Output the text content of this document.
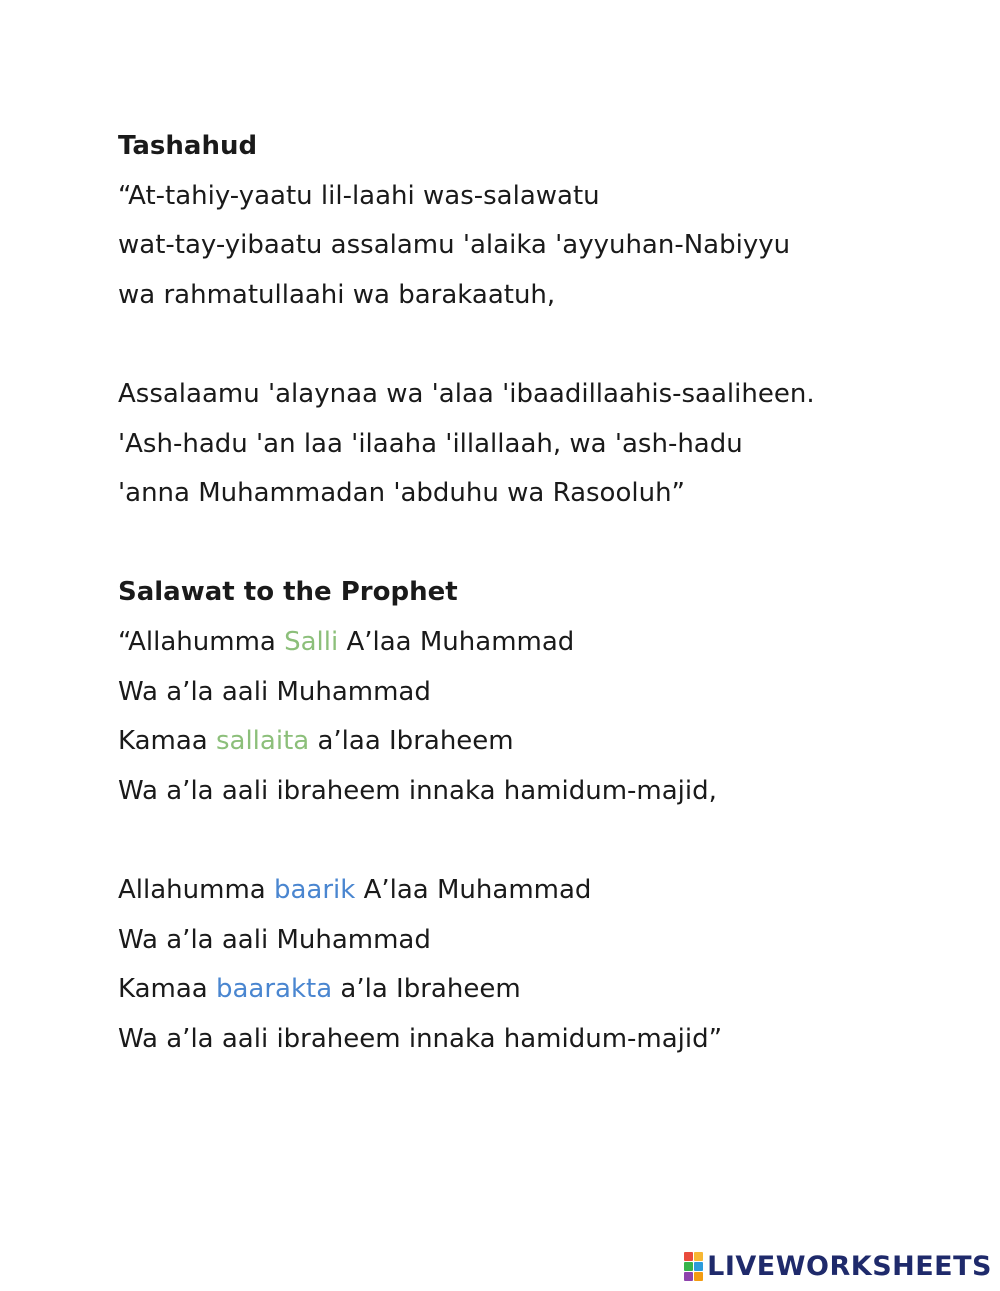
Tashahud
“At-tahiy-yaatu lil-laahi was-salawatu
wat-tay-yibaatu assalamu 'alaika 'ayyuhan-Nabiyyu
wa rahmatullaahi wa barakaatuh,
Assalaamu 'alaynaa wa 'alaa 'ibaadillaahis-saaliheen.
'Ash-hadu 'an laa 'ilaaha 'illallaah, wa 'ash-hadu
'anna Muhammadan 'abduhu wa Rasooluh”
Salawat to the Prophet
“Allahumma Salli A’laa Muhammad
Wa a’la aali Muhammad
Kamaa sallaita a’laa Ibraheem
Wa a’la aali ibraheem innaka hamidum-majid,
Allahumma baarik A’laa Muhammad
Wa a’la aali Muhammad
Kamaa baarakta a’la Ibraheem
Wa a’la aali ibraheem innaka hamidum-majid”
LIVEWORKSHEETS
